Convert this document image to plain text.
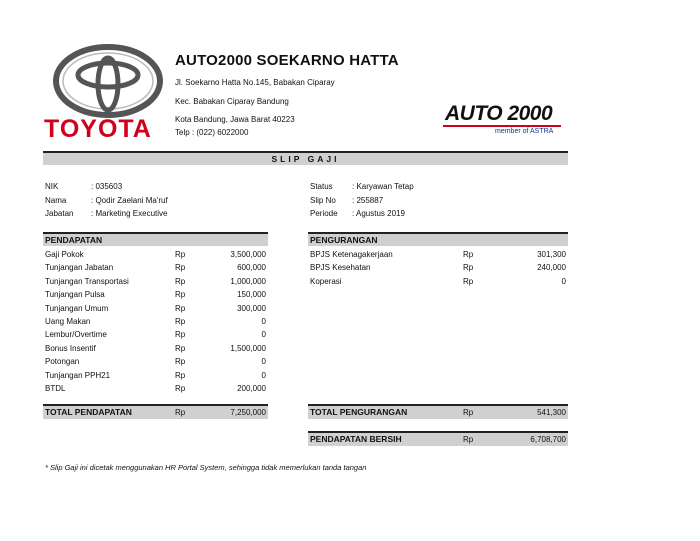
TOYOTA
AUTO2000 SOEKARNO HATTA
Jl. Soekarno Hatta No.145, Babakan Ciparay
Kec. Babakan Ciparay Bandung
Kota Bandung, Jawa Barat 40223
Telp : (022) 6022000
AUTO 2000
member of ASTRA
SLIP GAJI
NIK	: 035603
Nama	: Qodir Zaelani Ma'ruf
Jabatan : Marketing Executive
Status : Karyawan Tetap
Slip No : 255887
Periode : Agustus 2019
PENDAPATAN	PENGURANGAN
Gaji Pokok	Rp	3,500,000
Tunjangan Jabatan	Rp	600,000
Tunjangan Transportasi	Rp	1,000,000
Tunjangan Pulsa	Rp	150,000
Tunjangan Umum	Rp	300,000
Uang Makan	Rp	0
Lembur/Overtime	Rp	0
Bonus Insentif	Rp	1,500,000
Potongan	Rp	0
Tunjangan PPH21	Rp	0
BTDL	Rp	200,000
BPJS Ketenagakerjaan	Rp	301,300
BPJS Kesehatan	Rp	240,000
Koperasi	Rp	0
TOTAL PENDAPATAN	Rp	7,250,000	TOTAL PENGURANGAN	Rp	541,300
PENDAPATAN BERSIH	Rp	6,708,700
* Slip Gaji ini dicetak menggunakan HR Portal System, sehingga tidak memerlukan tanda tangan
